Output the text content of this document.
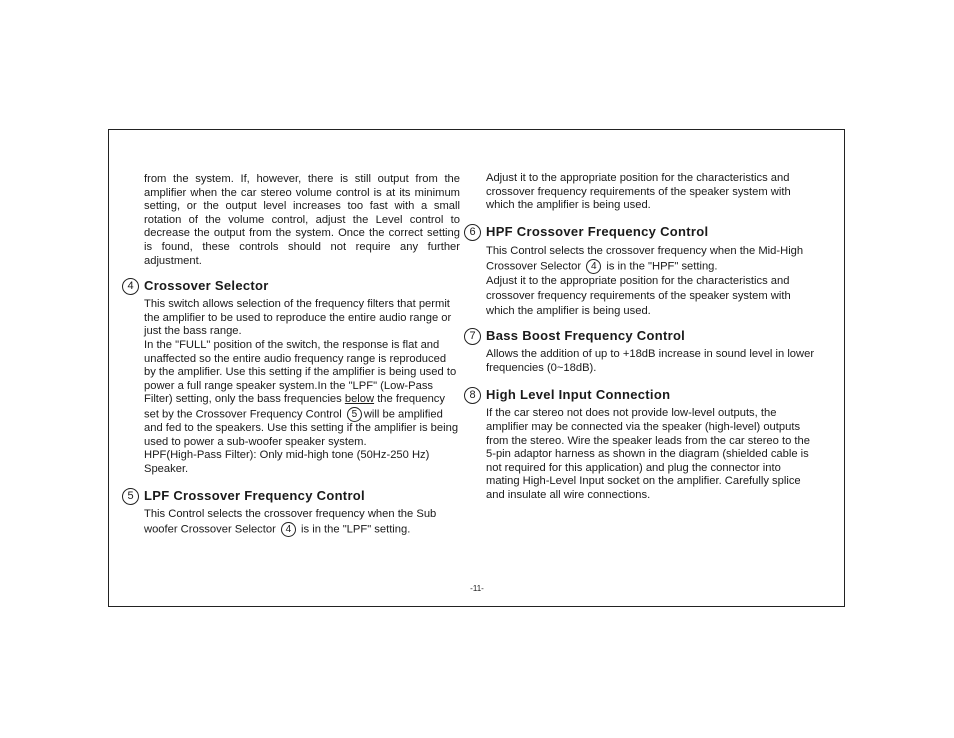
from the system. If, however, there is still output from the amplifier when the car stereo volume control is at its minimum setting, or the output level increases too fast with a small rotation of the volume control, adjust the Level control to decrease the output from the system. Once the correct setting is found, these controls should not require any further adjustment.

4 Crossover Selector

This switch allows selection of the frequency filters that permit the amplifier to be used to reproduce the entire audio range or just the bass range.

In the "FULL" position of the switch, the response is flat and unaffected so the entire audio frequency range is reproduced by the amplifier. Use this setting if the amplifier is being used to power a full range speaker system.In the "LPF" (Low-Pass Filter) setting, only the bass frequencies below the frequency set by the Crossover Frequency Control 5 will be amplified and fed to the speakers. Use this setting if the amplifier is being used to power a sub-woofer speaker system.

HPF(High-Pass Filter): Only mid-high tone (50Hz-250 Hz) Speaker.

5 LPF Crossover Frequency Control

This Control selects the crossover frequency when the Sub woofer Crossover Selector 4 is in the "LPF" setting.

Adjust it to the appropriate position for the characteristics and crossover frequency requirements of the speaker system with which the amplifier is being used.

6 HPF Crossover Frequency Control

This Control selects the crossover frequency when the Mid-High Crossover Selector 4 is in the "HPF" setting.

Adjust it to the appropriate position for the characteristics and crossover frequency requirements of the speaker system with which the amplifier is being used.

7 Bass Boost Frequency Control

Allows the addition of up to +18dB increase in sound level in lower frequencies (0~18dB).

8 High Level Input Connection

If the car stereo not does not provide low-level outputs, the amplifier may be connected via the speaker (high-level) outputs from the stereo. Wire the speaker leads from the car stereo to the 5-pin adaptor harness as shown in the diagram (shielded cable is not required for this application) and plug the connector into mating High-Level Input socket on the amplifier. Carefully splice and insulate all wire connections.

-11-
